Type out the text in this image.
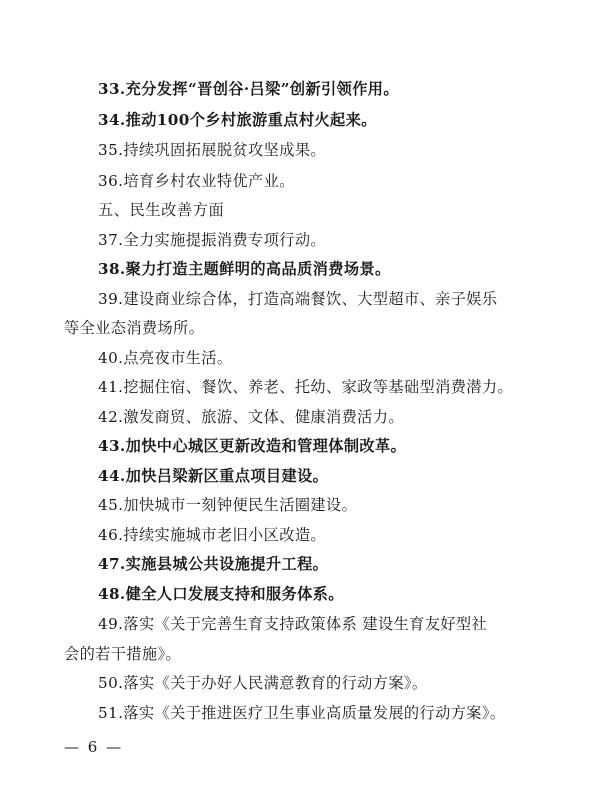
33.充分发挥“晋创谷·吕梁”创新引领作用。
34.推动100个乡村旅游重点村火起来。
35.持续巩固拓展脱贫攻坚成果。
36.培育乡村农业特优产业。
五、民生改善方面
37.全力实施提振消费专项行动。
38.聚力打造主题鲜明的高品质消费场景。
39.建设商业综合体，打造高端餐饮、大型超市、亲子娱乐
等全业态消费场所。
40.点亮夜市生活。
41.挖掘住宿、餐饮、养老、托幼、家政等基础型消费潜力。
42.激发商贸、旅游、文体、健康消费活力。
43.加快中心城区更新改造和管理体制改革。
44.加快吕梁新区重点项目建设。
45.加快城市一刻钟便民生活圈建设。
46.持续实施城市老旧小区改造。
47.实施县城公共设施提升工程。
48.健全人口发展支持和服务体系。
49.落实《关于完善生育支持政策体系 建设生育友好型社
会的若干措施》。
50.落实《关于办好人民满意教育的行动方案》。
51.落实《关于推进医疗卫生事业高质量发展的行动方案》。
— 6 —
